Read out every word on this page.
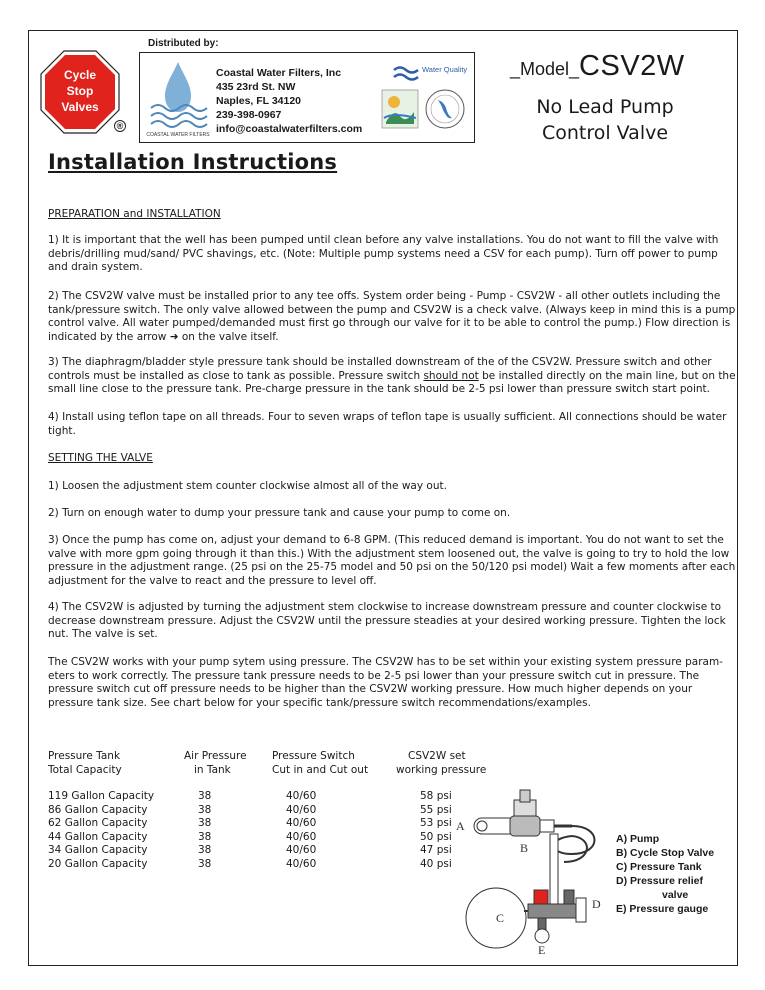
Distributed by:
Cycle
Stop
Valves
®
COASTAL WATER FILTERS
Coastal Water Filters, Inc
435 23rd St. NW
Naples, FL 34120
239-398-0967
info@coastalwaterfilters.com
Water Quality _Model_CSV2W
No Lead Pump
Control Valve
Installation Instructions
PREPARATION and INSTALLATION
1) It is important that the well has been pumped until clean before any valve installations. You do not want to fill the valve with debris/drilling mud/sand/ PVC shavings, etc. (Note: Multiple pump systems need a CSV for each pump). Turn off power to pump and drain system.
2) The CSV2W valve must be installed prior to any tee offs. System order being - Pump - CSV2W - all other outlets including the tank/pressure switch. The only valve allowed between the pump and CSV2W is a check valve. (Always keep in mind this is a pump control valve. All water pumped/demanded must first go through our valve for it to be able to control the pump.) Flow direction is indicated by the arrow ➜ on the valve itself.
3) The diaphragm/bladder style pressure tank should be installed downstream of the of the CSV2W. Pressure switch and other controls must be installed as close to tank as possible. Pressure switch should not be installed directly on the main line, but on the small line close to the pressure tank. Pre-charge pressure in the tank should be 2-5 psi lower than pressure switch start point.
4) Install using teflon tape on all threads. Four to seven wraps of teflon tape is usually sufficient. All connections should be water tight.
SETTING THE VALVE
1) Loosen the adjustment stem counter clockwise almost all of the way out.
2) Turn on enough water to dump your pressure tank and cause your pump to come on.
3) Once the pump has come on, adjust your demand to 6-8 GPM. (This reduced demand is important. You do not want to set the valve with more gpm going through it than this.) With the adjustment stem loosened out, the valve is going to try to hold the low pressure in the adjustment range. (25 psi on the 25-75 model and 50 psi on the 50/120 psi model) Wait a few moments after each adjustment for the valve to react and the pressure to level off.
4) The CSV2W is adjusted by turning the adjustment stem clockwise to increase downstream pressure and counter clockwise to decrease downstream pressure. Adjust the CSV2W until the pressure steadies at your desired working pressure. Tighten the lock nut. The valve is set.
The CSV2W works with your pump sytem using pressure. The CSV2W has to be set within your existing system pressure param- eters to work correctly. The pressure tank pressure needs to be 2-5 psi lower than your pressure switch cut in pressure. The pressure switch cut off pressure needs to be higher than the CSV2W working pressure. How much higher depends on your pressure tank size. See chart below for your specific tank/pressure switch recommendations/examples.
Pressure Tank	Air Pressure	Pressure Switch	CSV2W set
Total Capacity	in Tank	Cut in and Cut out	working pressure

119 Gallon Capacity	38	40/60	58 psi
86 Gallon Capacity	38	40/60	55 psi
62 Gallon Capacity	38	40/60	53 psi
44 Gallon Capacity	38	40/60	50 psi
34 Gallon Capacity	38	40/60	47 psi
20 Gallon Capacity	38	40/60	40 psi
A
B
C
D
E
A) Pump
B) Cycle Stop Valve
C) Pressure Tank
D) Pressure relief
valve
E) Pressure gauge
